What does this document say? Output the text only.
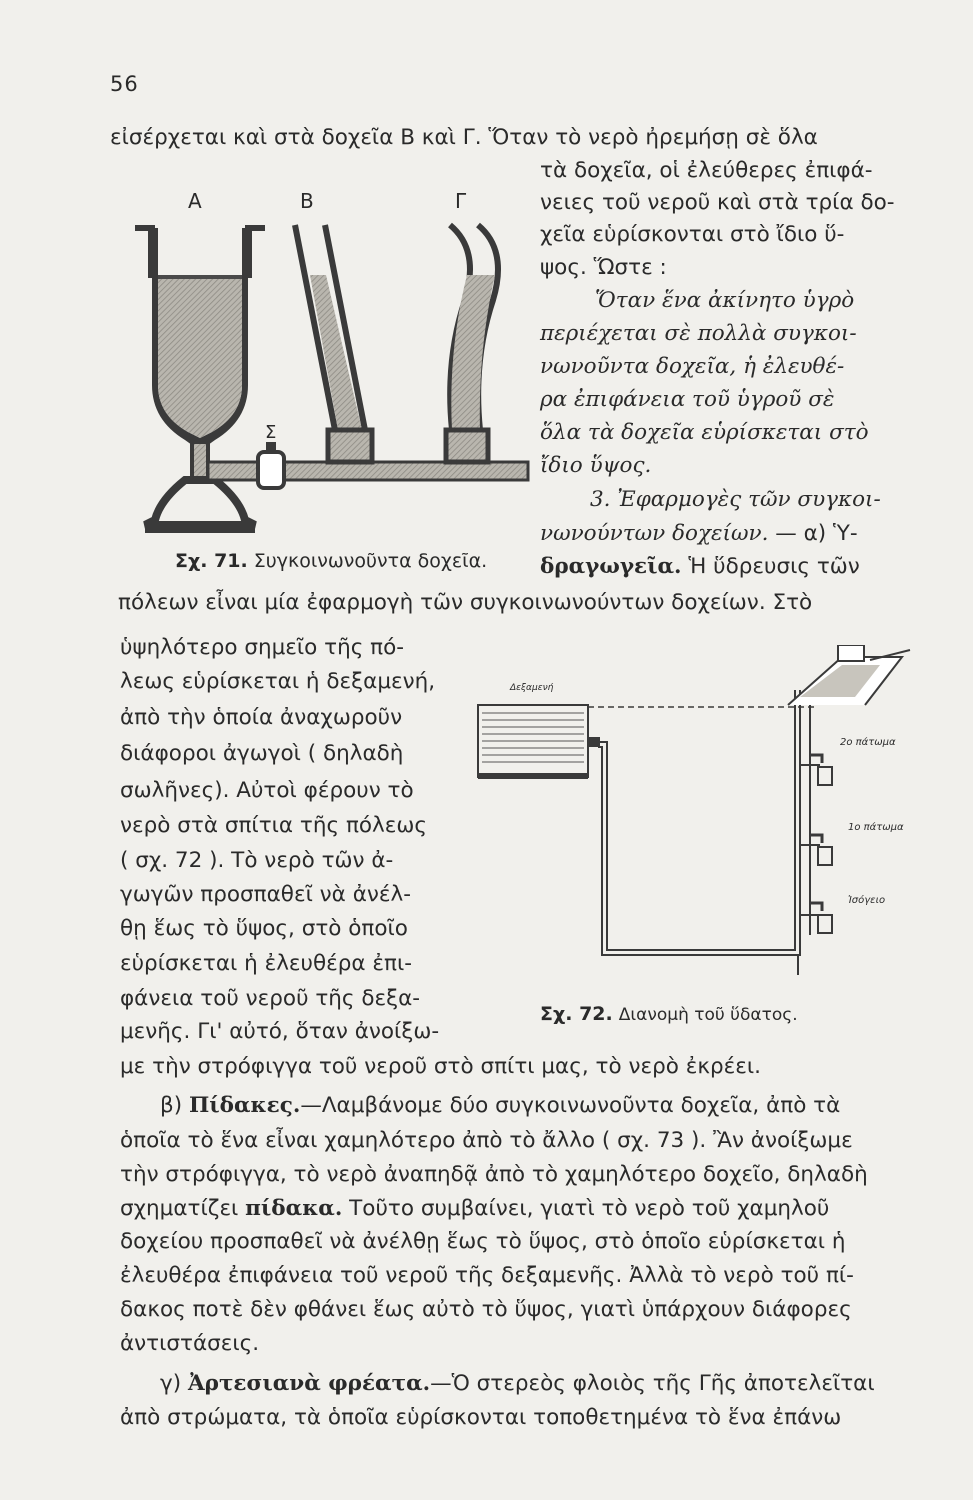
56
εἰσέρχεται καὶ στὰ δοχεῖα Β καὶ Γ. Ὅταν τὸ νερὸ ἠρεμήσῃ σὲ ὅλα
τὰ δοχεῖα, οἱ ἐλεύθερες ἐπιφά-
νειες τοῦ νεροῦ καὶ στὰ τρία δο-
χεῖα εὑρίσκονται στὸ ἴδιο ὕ-
ψος. Ὥστε :
Ὅταν ἕνα ἀκίνητο ὑγρὸ
περιέχεται σὲ πολλὰ συγκοι-
νωνοῦντα δοχεῖα, ἡ ἐλευθέ-
ρα ἐπιφάνεια τοῦ ὑγροῦ σὲ
ὅλα τὰ δοχεῖα εὑρίσκεται στὸ
ἴδιο ὕψος.
3. Ἐφαρμογὲς τῶν συγκοι-
νωνούντων δοχείων. — α) Ὑ-
δραγωγεῖα. Ἡ ὕδρευσις τῶν
Α	Β	Γ
Σ
Σχ. 71. Συγκοινωνοῦντα δοχεῖα.
πόλεων εἶναι μία ἐφαρμογὴ τῶν συγκοινωνούντων δοχείων. Στὸ
ὑψηλότερο σημεῖο τῆς πό-
λεως εὑρίσκεται ἡ δεξαμενή,
ἀπὸ τὴν ὁποία ἀναχωροῦν
διάφοροι ἀγωγοὶ ( δηλαδὴ
σωλῆνες). Αὐτοὶ φέρουν τὸ
νερὸ στὰ σπίτια τῆς πόλεως
( σχ. 72 ). Τὸ νερὸ τῶν ἀ-
γωγῶν προσπαθεῖ νὰ ἀνέλ-
θῃ ἕως τὸ ὕψος, στὸ ὁποῖο
εὑρίσκεται ἡ ἐλευθέρα ἐπι-
φάνεια τοῦ νεροῦ τῆς δεξα-
μενῆς. Γι' αὐτό, ὅταν ἀνοίξω-
Δεξαμενή
2ο πάτωμα
1ο πάτωμα
Ἰσόγειο
Σχ. 72. Διανομὴ τοῦ ὕδατος.
με τὴν στρόφιγγα τοῦ νεροῦ στὸ σπίτι μας, τὸ νερὸ ἐκρέει.
β) Πίδακες.—Λαμβάνομε δύο συγκοινωνοῦντα δοχεῖα, ἀπὸ τὰ
ὁποῖα τὸ ἕνα εἶναι χαμηλότερο ἀπὸ τὸ ἄλλο ( σχ. 73 ). Ἂν ἀνοίξωμε
τὴν στρόφιγγα, τὸ νερὸ ἀναπηδᾷ ἀπὸ τὸ χαμηλότερο δοχεῖο, δηλαδὴ
σχηματίζει πίδακα. Τοῦτο συμβαίνει, γιατὶ τὸ νερὸ τοῦ χαμηλοῦ
δοχείου προσπαθεῖ νὰ ἀνέλθῃ ἕως τὸ ὕψος, στὸ ὁποῖο εὑρίσκεται ἡ
ἐλευθέρα ἐπιφάνεια τοῦ νεροῦ τῆς δεξαμενῆς. Ἀλλὰ τὸ νερὸ τοῦ πί-
δακος ποτὲ δὲν φθάνει ἕως αὐτὸ τὸ ὕψος, γιατὶ ὑπάρχουν διάφορες
ἀντιστάσεις.
γ) Ἀρτεσιανὰ φρέατα.—Ὁ στερεὸς φλοιὸς τῆς Γῆς ἀποτελεῖται
ἀπὸ στρώματα, τὰ ὁποῖα εὑρίσκονται τοποθετημένα τὸ ἕνα ἐπάνω
